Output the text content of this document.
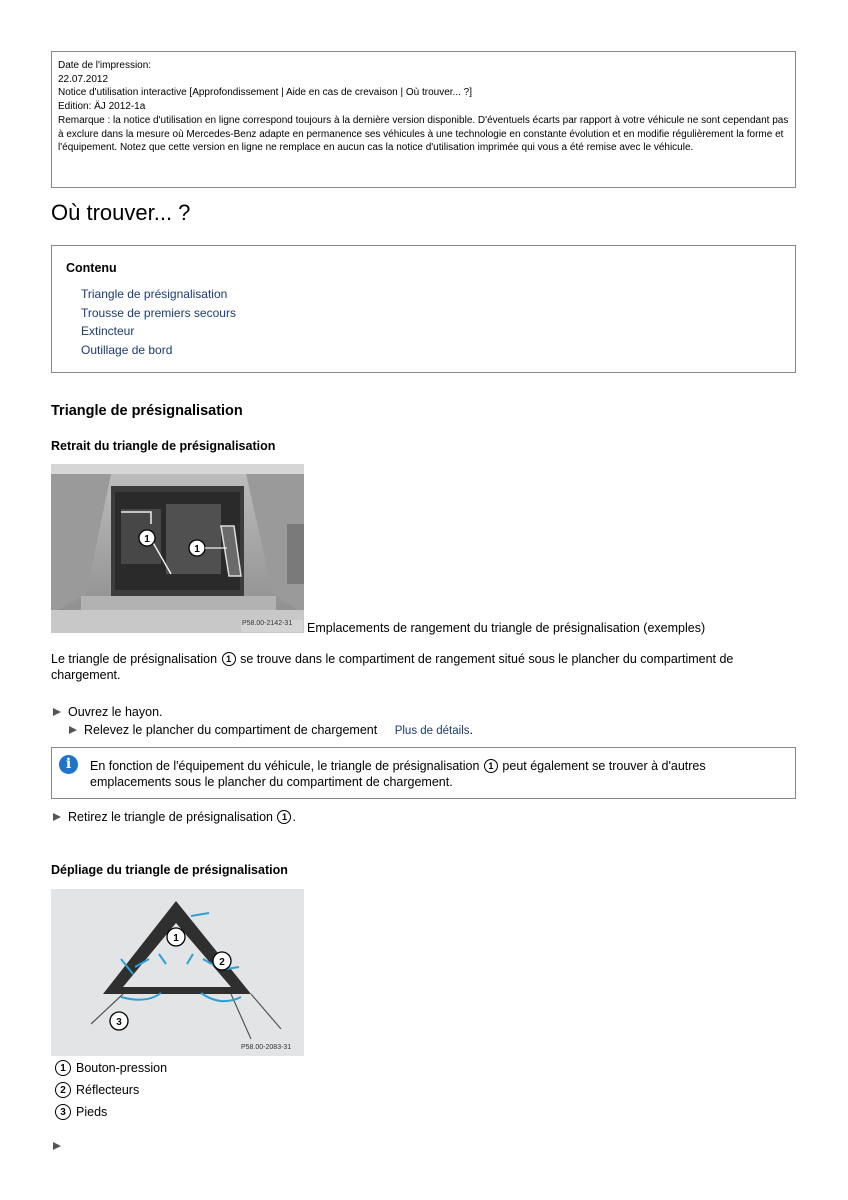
Date de l'impression:
22.07.2012
Notice d'utilisation interactive [Approfondissement | Aide en cas de crevaison | Où trouver... ?]
Edition: ÄJ 2012-1a
Remarque : la notice d'utilisation en ligne correspond toujours à la dernière version disponible. D'éventuels écarts par rapport à votre véhicule ne sont cependant pas à exclure dans la mesure où Mercedes-Benz adapte en permanence ses véhicules à une technologie en constante évolution et en modifie régulièrement la forme et l'équipement. Notez que cette version en ligne ne remplace en aucun cas la notice d'utilisation imprimée qui vous a été remise avec le véhicule.
Où trouver... ?
Contenu
Triangle de présignalisation
Trousse de premiers secours
Extincteur
Outillage de bord
Triangle de présignalisation
Retrait du triangle de présignalisation
1
1
P58.00-2142-31 Emplacements de rangement du triangle de présignalisation (exemples)
Le triangle de présignalisation 1 se trouve dans le compartiment de rangement situé sous le plancher du compartiment de
chargement.
Ouvrez le hayon.
Relevez le plancher du compartiment de chargement Plus de détails.
i	En fonction de l'équipement du véhicule, le triangle de présignalisation 1 peut également se trouver à d'autres
emplacements sous le plancher du compartiment de chargement.
Retirez le triangle de présignalisation 1 .
Dépliage du triangle de présignalisation
1
2
3
P58.00-2083-31
1 Bouton-pression
2 Réflecteurs
3 Pieds
